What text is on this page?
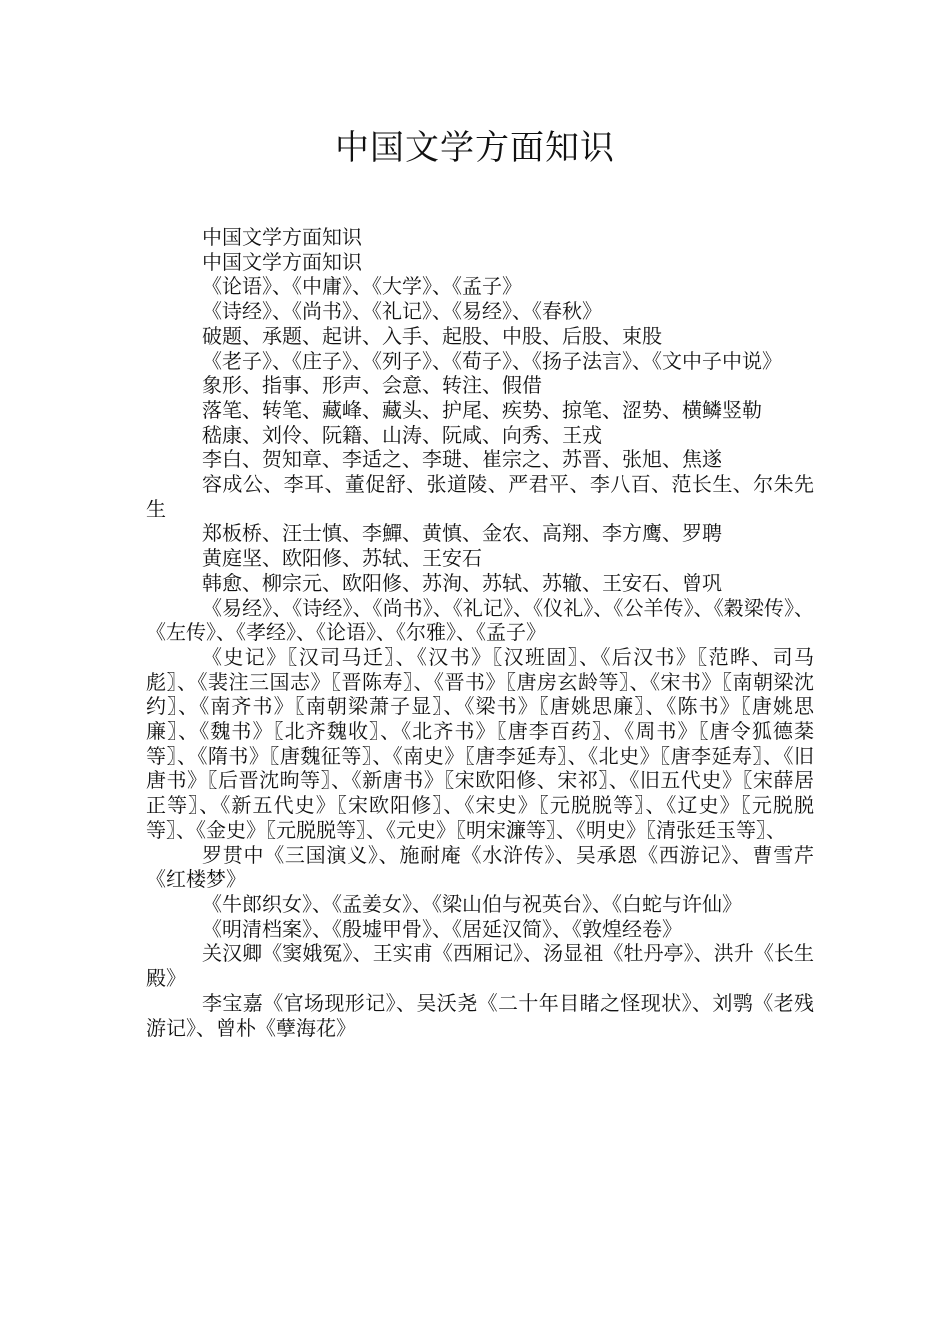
中国文学方面知识

中国文学方面知识

中国文学方面知识

《论语》、《中庸》、《大学》、《孟子》

《诗经》、《尚书》、《礼记》、《易经》、《春秋》

破题、承题、起讲、入手、起股、中股、后股、束股

《老子》、《庄子》、《列子》、《荀子》、《扬子法言》、《文中子中说》

象形、指事、形声、会意、转注、假借

落笔、转笔、藏峰、藏头、护尾、疾势、掠笔、涩势、横鳞竖勒

嵇康、刘伶、阮籍、山涛、阮咸、向秀、王戎

李白、贺知章、李适之、李琎、崔宗之、苏晋、张旭、焦遂

容成公、李耳、董促舒、张道陵、严君平、李八百、范长生、尔朱先生

郑板桥、汪士慎、李鱓、黄慎、金农、高翔、李方鹰、罗聘

黄庭坚、欧阳修、苏轼、王安石

韩愈、柳宗元、欧阳修、苏洵、苏轼、苏辙、王安石、曾巩

《易经》、《诗经》、《尚书》、《礼记》、《仪礼》、《公羊传》、《穀梁传》、《左传》、《孝经》、《论语》、《尔雅》、《孟子》

《史记》〖汉司马迁〗、《汉书》〖汉班固〗、《后汉书》〖范晔、司马彪〗、《裴注三国志》〖晋陈寿〗、《晋书》〖唐房玄龄等〗、《宋书》〖南朝梁沈约〗、《南齐书》〖南朝梁萧子显〗、《梁书》〖唐姚思廉〗、《陈书》〖唐姚思廉〗、《魏书》〖北齐魏收〗、《北齐书》〖唐李百药〗、《周书》〖唐令狐德棻等〗、《隋书》〖唐魏征等〗、《南史》〖唐李延寿〗、《北史》〖唐李延寿〗、《旧唐书》〖后晋沈昫等〗、《新唐书》〖宋欧阳修、宋祁〗、《旧五代史》〖宋薛居正等〗、《新五代史》〖宋欧阳修〗、《宋史》〖元脱脱等〗、《辽史》〖元脱脱等〗、《金史》〖元脱脱等〗、《元史》〖明宋濂等〗、《明史》〖清张廷玉等〗、

罗贯中《三国演义》、施耐庵《水浒传》、吴承恩《西游记》、曹雪芹《红楼梦》

《牛郎织女》、《孟姜女》、《梁山伯与祝英台》、《白蛇与许仙》

《明清档案》、《殷墟甲骨》、《居延汉简》、《敦煌经卷》

关汉卿《窦娥冤》、王实甫《西厢记》、汤显祖《牡丹亭》、洪升《长生殿》

李宝嘉《官场现形记》、吴沃尧《二十年目睹之怪现状》、刘鹗《老残游记》、曾朴《孽海花》
